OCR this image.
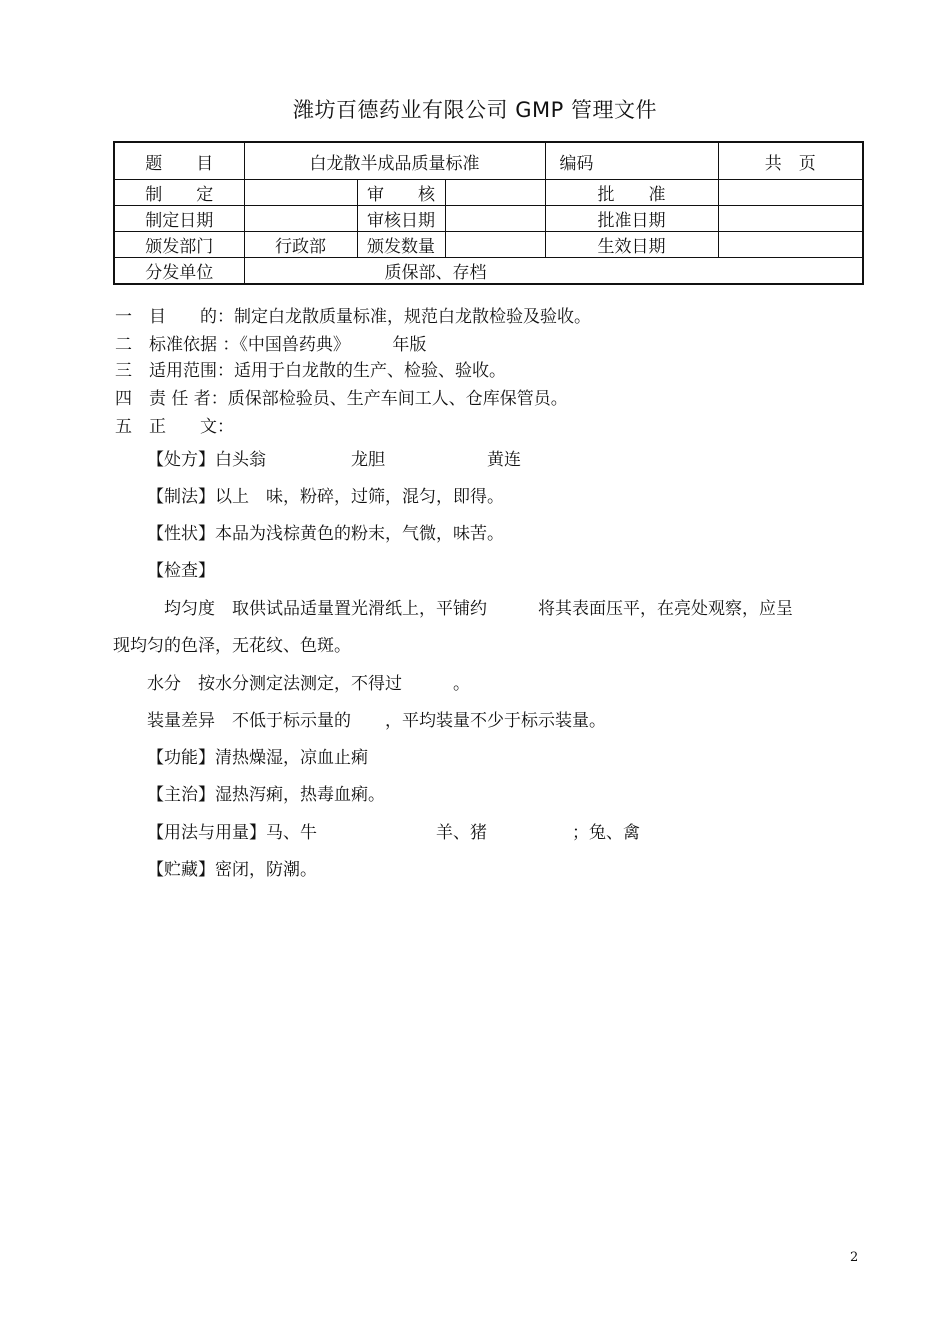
潍坊百德药业有限公司 GMP 管理文件
题　　目	白龙散半成品质量标准			编码	共　页
制　　定		审　　核		批　　准	
制定日期		审核日期		批准日期	
颁发部门	行政部	颁发数量		生效日期	
分发单位	质保部、存档				
一　目　　的：制定白龙散质量标准，规范白龙散检验及验收。
二　标准依据 ：《中国兽药典》　　　年版
三　适用范围：适用于白龙散的生产、检验、验收。
四　责 任 者：质保部检验员、生产车间工人、仓库保管员。
五　正　　文：
【处方】白头翁　　　　　龙胆　　　　　　黄连
【制法】以上　味，粉碎，过筛，混匀，即得。
【性状】本品为浅棕黄色的粉末，气微，味苦。
【检查】
　均匀度　取供试品适量置光滑纸上，平铺约　　　将其表面压平，在亮处观察，应呈
现均匀的色泽，无花纹、色斑。
水分　按水分测定法测定，不得过　　　。
装量差异　不低于标示量的　　，平均装量不少于标示装量。
【功能】清热燥湿，凉血止痢
【主治】湿热泻痢，热毒血痢。
【用法与用量】马、牛　　　　　　　羊、猪　　　　　；兔、禽
【贮藏】密闭，防潮。
2
